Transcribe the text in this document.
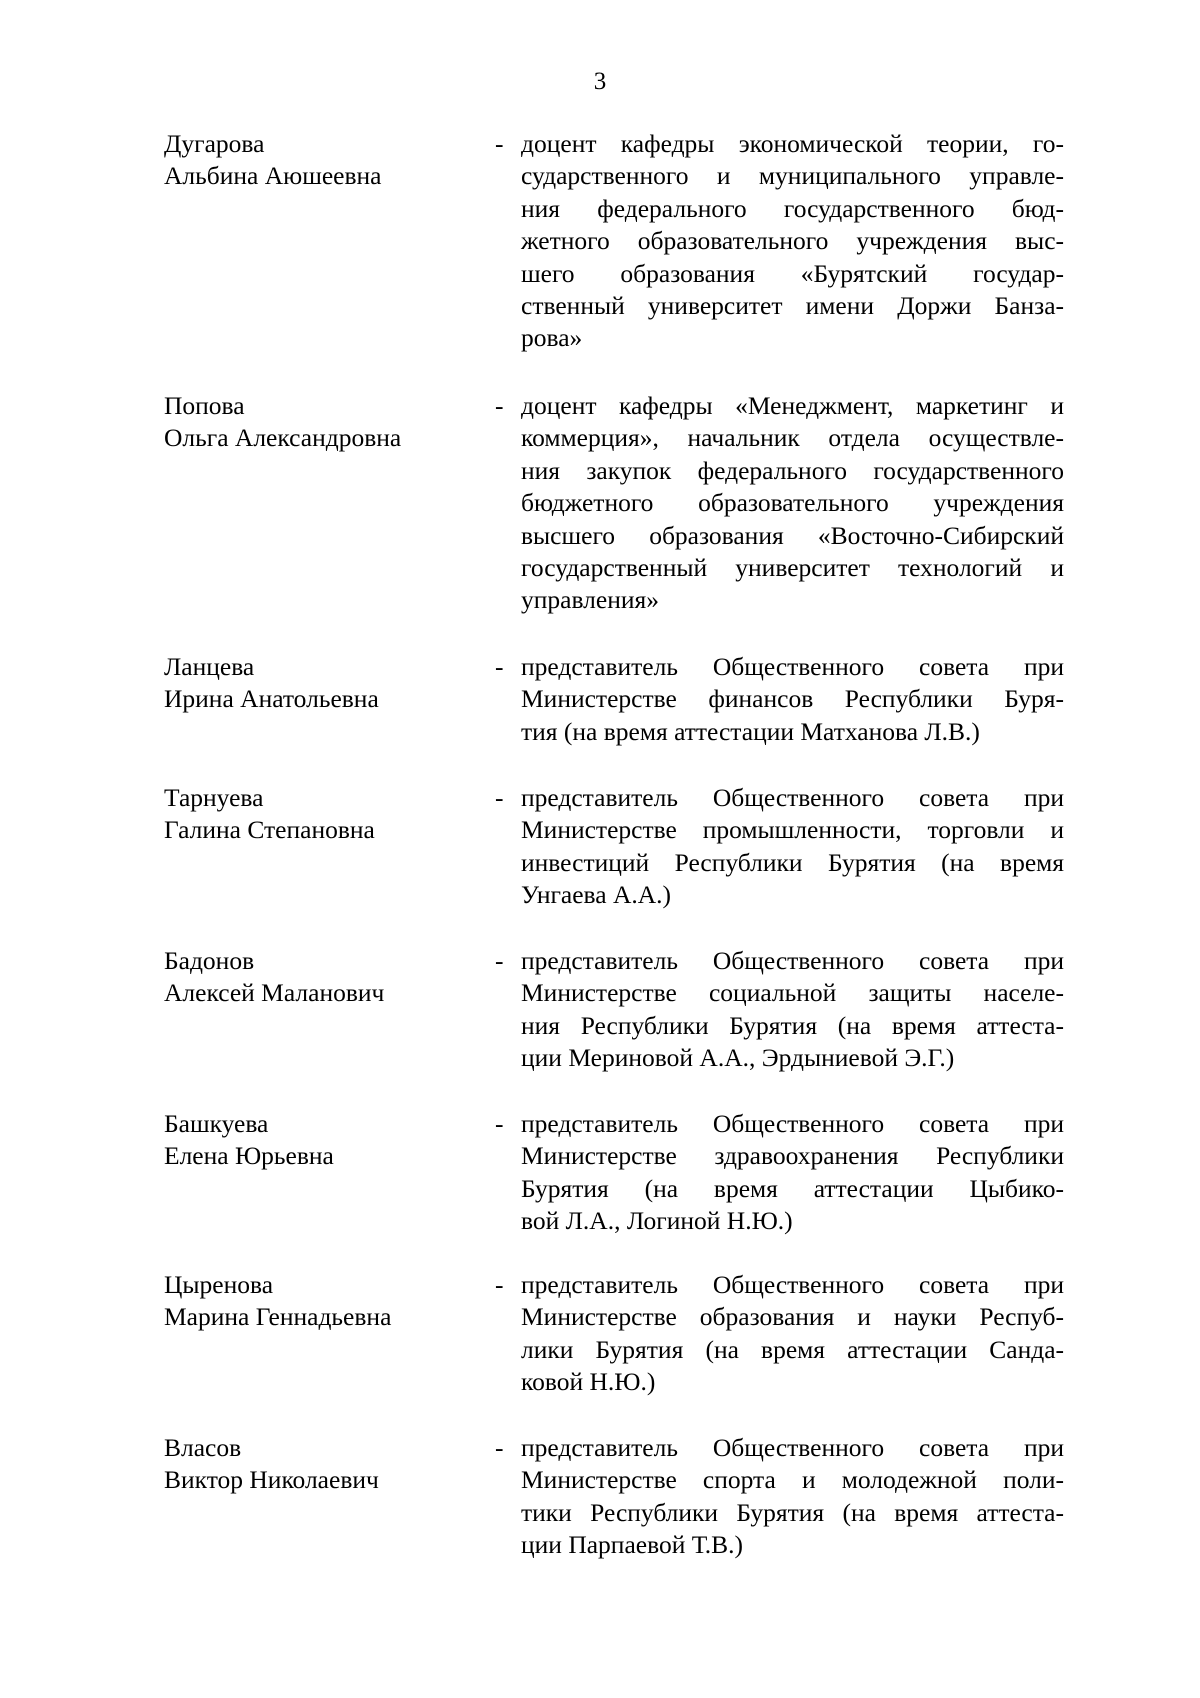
3
Дугарова
Альбина Аюшеевна
- доцент кафедры экономической теории, го-
сударственного и муниципального управле-
ния федерального государственного бюд-
жетного образовательного учреждения выс-
шего образования «Бурятский государ-
ственный университет имени Доржи Банза-
рова»
Попова
Ольга Александровна
- доцент кафедры «Менеджмент, маркетинг и
коммерция», начальник отдела осуществле-
ния закупок федерального государственного
бюджетного образовательного учреждения
высшего образования «Восточно-Сибирский
государственный университет технологий и
управления»
Ланцева
Ирина Анатольевна
- представитель Общественного совета при
Министерстве финансов Республики Буря-
тия (на время аттестации Матханова Л.В.)
Тарнуева
Галина Степановна
- представитель Общественного совета при
Министерстве промышленности, торговли и
инвестиций Республики Бурятия (на время
Унгаева А.А.)
Бадонов
Алексей Маланович
- представитель Общественного совета при
Министерстве социальной защиты населе-
ния Республики Бурятия (на время аттеста-
ции Мериновой А.А., Эрдыниевой Э.Г.)
Башкуева
Елена Юрьевна
- представитель Общественного совета при
Министерстве здравоохранения Республики
Бурятия (на время аттестации Цыбико-
вой Л.А., Логиной Н.Ю.)
Цыренова
Марина Геннадьевна
- представитель Общественного совета при
Министерстве образования и науки Респуб-
лики Бурятия (на время аттестации Санда-
ковой Н.Ю.)
Власов
Виктор Николаевич
- представитель Общественного совета при
Министерстве спорта и молодежной поли-
тики Республики Бурятия (на время аттеста-
ции Парпаевой Т.В.)
